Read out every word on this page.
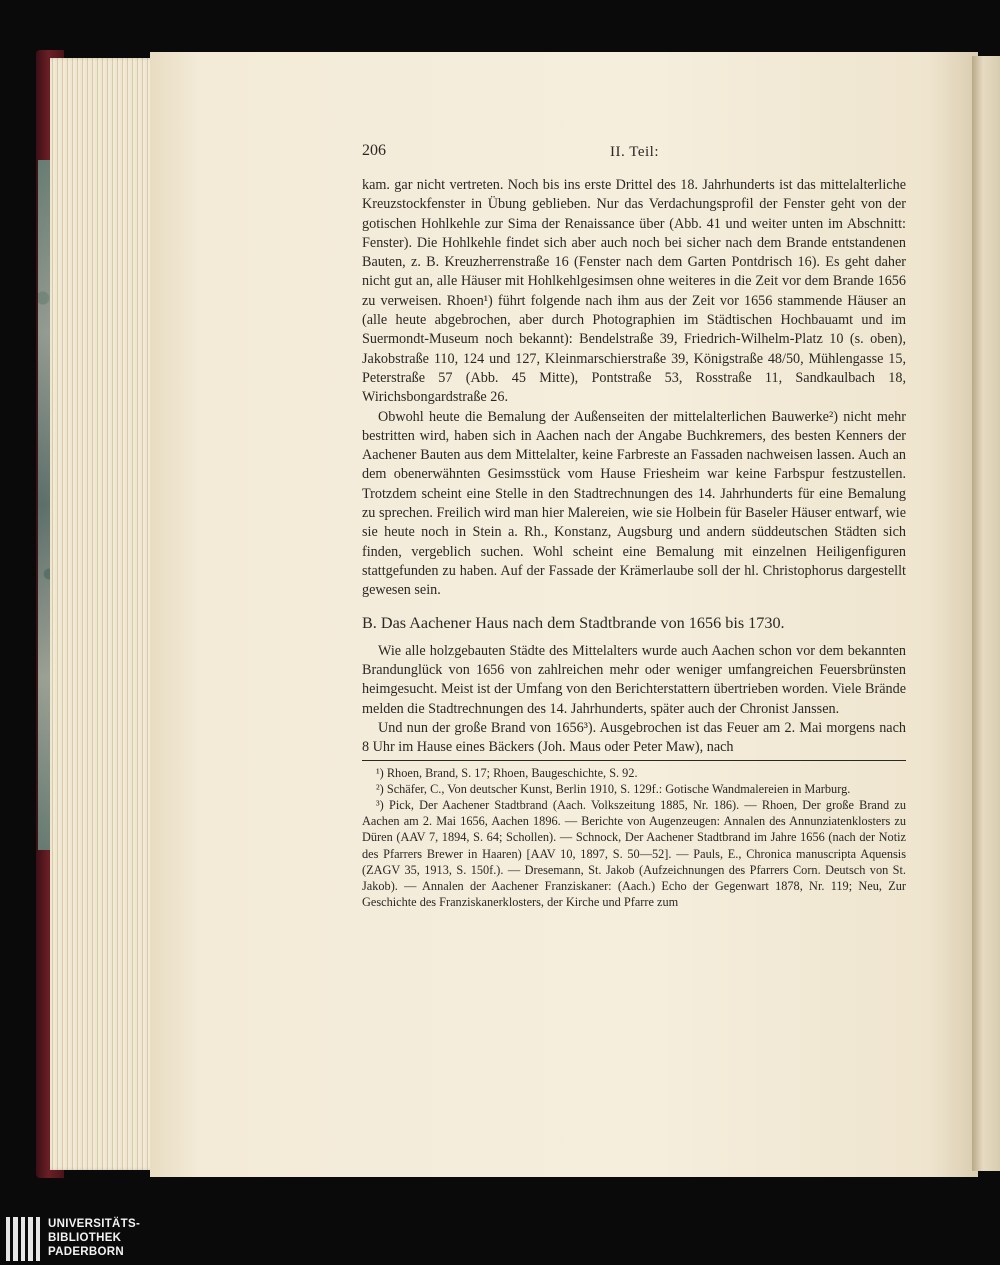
206	II. Teil:

kam. gar nicht vertreten. Noch bis ins erste Drittel des 18. Jahrhunderts ist das mittelalterliche Kreuzstockfenster in Übung geblieben. Nur das Verdachungsprofil der Fenster geht von der gotischen Hohlkehle zur Sima der Renaissance über (Abb. 41 und weiter unten im Abschnitt: Fenster). Die Hohlkehle findet sich aber auch noch bei sicher nach dem Brande entstandenen Bauten, z. B. Kreuzherrenstraße 16 (Fenster nach dem Garten Pontdrisch 16). Es geht daher nicht gut an, alle Häuser mit Hohlkehlgesimsen ohne weiteres in die Zeit vor dem Brande 1656 zu verweisen. Rhoen¹) führt folgende nach ihm aus der Zeit vor 1656 stammende Häuser an (alle heute abgebrochen, aber durch Photographien im Städtischen Hochbauamt und im Suermondt-Museum noch bekannt): Bendelstraße 39, Friedrich-Wilhelm-Platz 10 (s. oben), Jakobstraße 110, 124 und 127, Kleinmarschierstraße 39, Königstraße 48/50, Mühlengasse 15, Peterstraße 57 (Abb. 45 Mitte), Pontstraße 53, Rosstraße 11, Sandkaulbach 18, Wirichsbongardstraße 26.

Obwohl heute die Bemalung der Außenseiten der mittelalterlichen Bauwerke²) nicht mehr bestritten wird, haben sich in Aachen nach der Angabe Buchkremers, des besten Kenners der Aachener Bauten aus dem Mittelalter, keine Farbreste an Fassaden nachweisen lassen. Auch an dem obenerwähnten Gesimsstück vom Hause Friesheim war keine Farbspur festzustellen. Trotzdem scheint eine Stelle in den Stadtrechnungen des 14. Jahrhunderts für eine Bemalung zu sprechen. Freilich wird man hier Malereien, wie sie Holbein für Baseler Häuser entwarf, wie sie heute noch in Stein a. Rh., Konstanz, Augsburg und andern süddeutschen Städten sich finden, vergeblich suchen. Wohl scheint eine Bemalung mit einzelnen Heiligenfiguren stattgefunden zu haben. Auf der Fassade der Krämerlaube soll der hl. Christophorus dargestellt gewesen sein.

B. Das Aachener Haus nach dem Stadtbrande von 1656 bis 1730.

Wie alle holzgebauten Städte des Mittelalters wurde auch Aachen schon vor dem bekannten Brandunglück von 1656 von zahlreichen mehr oder weniger umfangreichen Feuersbrünsten heimgesucht. Meist ist der Umfang von den Berichterstattern übertrieben worden. Viele Brände melden die Stadtrechnungen des 14. Jahrhunderts, später auch der Chronist Janssen.

Und nun der große Brand von 1656³). Ausgebrochen ist das Feuer am 2. Mai morgens nach 8 Uhr im Hause eines Bäckers (Joh. Maus oder Peter Maw), nach

¹) Rhoen, Brand, S. 17; Rhoen, Baugeschichte, S. 92.

²) Schäfer, C., Von deutscher Kunst, Berlin 1910, S. 129f.: Gotische Wandmalereien in Marburg.

³) Pick, Der Aachener Stadtbrand (Aach. Volkszeitung 1885, Nr. 186). — Rhoen, Der große Brand zu Aachen am 2. Mai 1656, Aachen 1896. — Berichte von Augenzeugen: Annalen des Annunziatenklosters zu Düren (AAV 7, 1894, S. 64; Schollen). — Schnock, Der Aachener Stadtbrand im Jahre 1656 (nach der Notiz des Pfarrers Brewer in Haaren) [AAV 10, 1897, S. 50—52]. — Pauls, E., Chronica manuscripta Aquensis (ZAGV 35, 1913, S. 150f.). — Dresemann, St. Jakob (Aufzeichnungen des Pfarrers Corn. Deutsch von St. Jakob). — Annalen der Aachener Franziskaner: (Aach.) Echo der Gegenwart 1878, Nr. 119; Neu, Zur Geschichte des Franziskanerklosters, der Kirche und Pfarre zum

UNIVERSITÄTS-
BIBLIOTHEK
PADERBORN
